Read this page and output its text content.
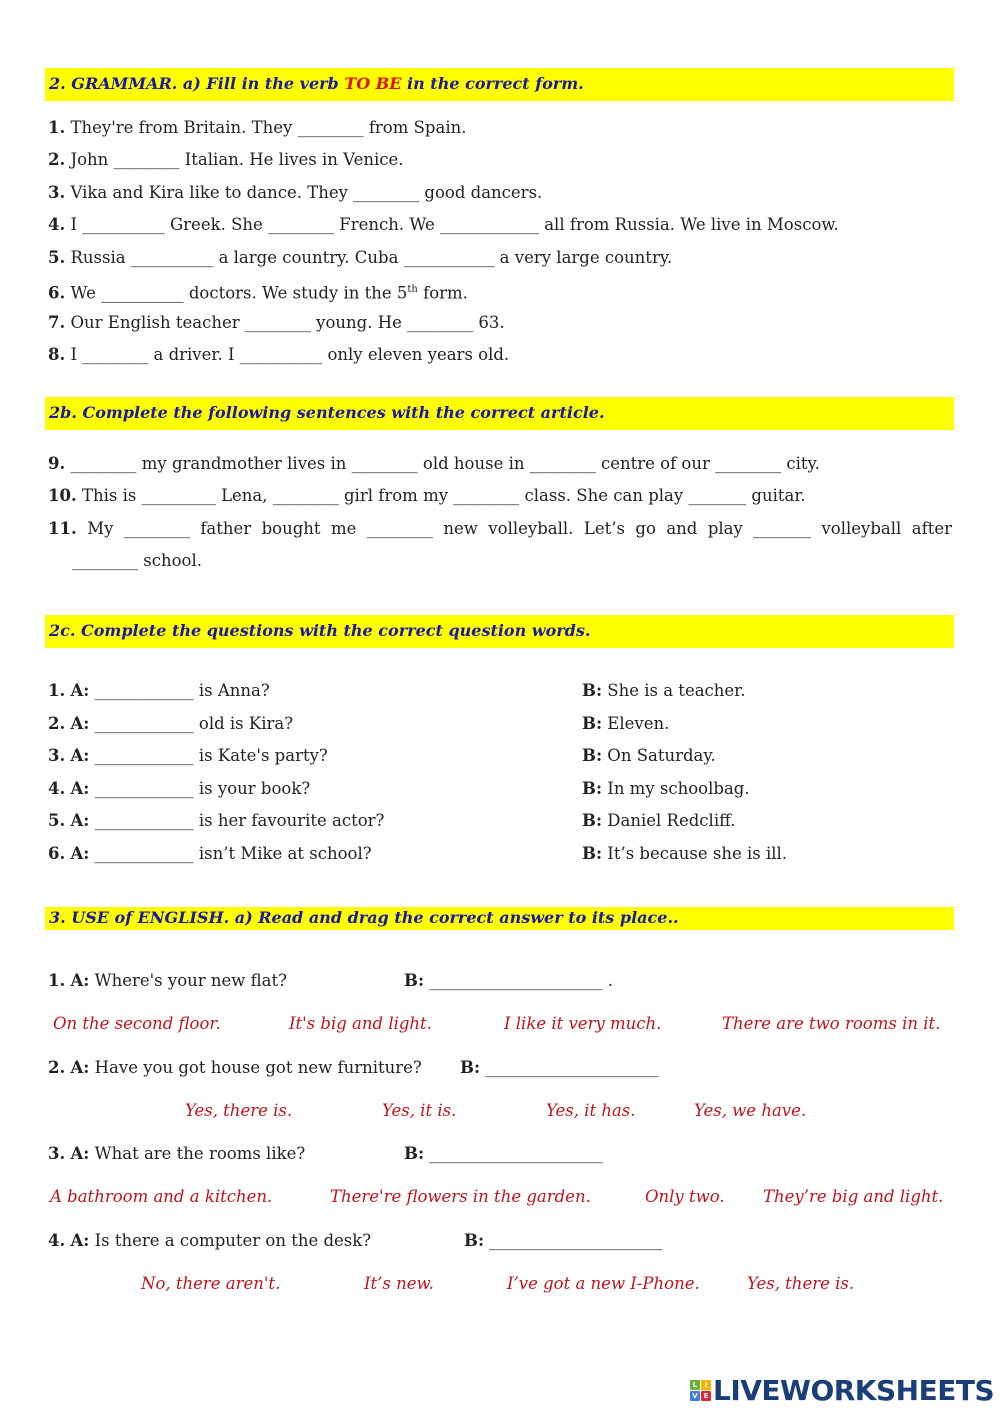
2. GRAMMAR. a) Fill in the verb TO BE in the correct form.
1. They're from Britain. They ________ from Spain.
2. John ________ Italian. He lives in Venice.
3. Vika and Kira like to dance. They ________ good dancers.
4. I __________ Greek. She ________ French. We ____________ all from Russia. We live in Moscow.
5. Russia __________ a large country. Cuba ___________ a very large country.
6. We __________ doctors. We study in the 5th form.
7. Our English teacher ________ young. He ________ 63.
8. I ________ a driver. I __________ only eleven years old.
2b. Complete the following sentences with the correct article.
9. ________ my grandmother lives in ________ old house in ________ centre of our ________ city.
10. This is _________ Lena, ________ girl from my ________ class. She can play _______ guitar.
11. My ________ father bought me ________ new volleyball. Let’s go and play _______ volleyball after
________ school.
2c. Complete the questions with the correct question words.
1. A: ____________ is Anna?	B: She is a teacher.
2. A: ____________ old is Kira?	B: Eleven.
3. A: ____________ is Kate's party?	B: On Saturday.
4. A: ____________ is your book?	B: In my schoolbag.
5. A: ____________ is her favourite actor?	B: Daniel Redcliff.
6. A: ____________ isn’t Mike at school?	B: It’s because she is ill.
3. USE of ENGLISH. a) Read and drag the correct answer to its place..
1. A: Where's your new flat?	B: _____________________ .
On the second floor.	It's big and light.	I like it very much.	There are two rooms in it.
2. A: Have you got house got new furniture? B: _____________________
Yes, there is.	Yes, it is.	Yes, it has.	Yes, we have.
3. A: What are the rooms like?	B: _____________________
A bathroom and a kitchen.	There're flowers in the garden.	Only two. They’re big and light.
4. A: Is there a computer on the desk?	B: _____________________
No, there aren't.	It’s new.	I’ve got a new I-Phone.	Yes, there is.
L	I
V E LIVEWORKSHEETS
